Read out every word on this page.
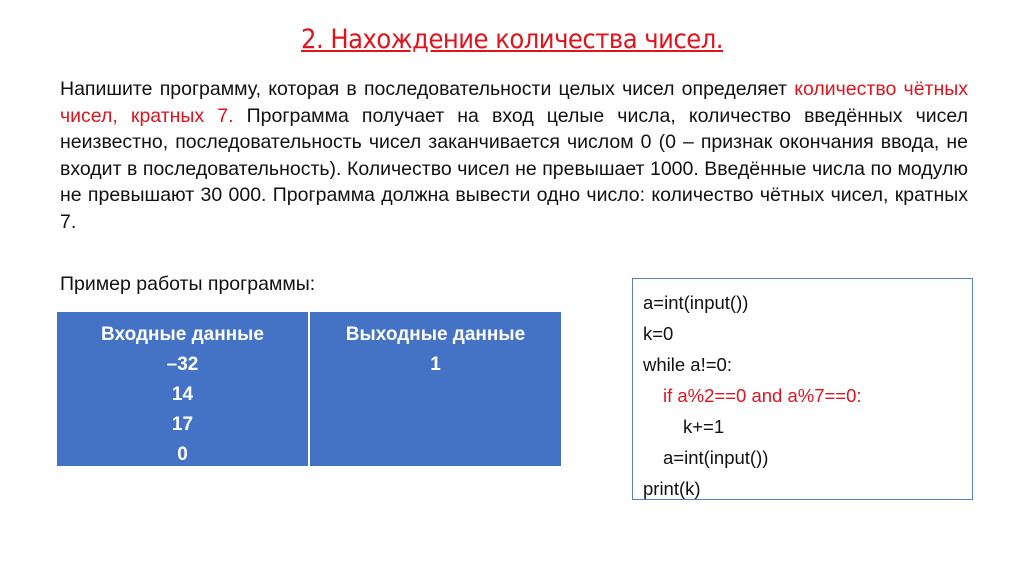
2. Нахождение количества чисел.
Напишите программу, которая в последовательности целых чисел определяет количество чётных чисел, кратных 7. Программа получает на вход целые числа, количество введённых чисел неизвестно, последовательность чисел заканчивается числом 0 (0 – признак окончания ввода, не входит в последовательность). Количество чисел не превышает 1000. Введённые числа по модулю не превышают 30 000. Программа должна вывести одно число: количество чётных чисел, кратных 7.
Пример работы программы:
Входные данные
–32
14
17
0
Выходные данные
1
a=int(input())
k=0
while a!=0:
if a%2==0 and a%7==0:
k+=1
a=int(input())
print(k)
